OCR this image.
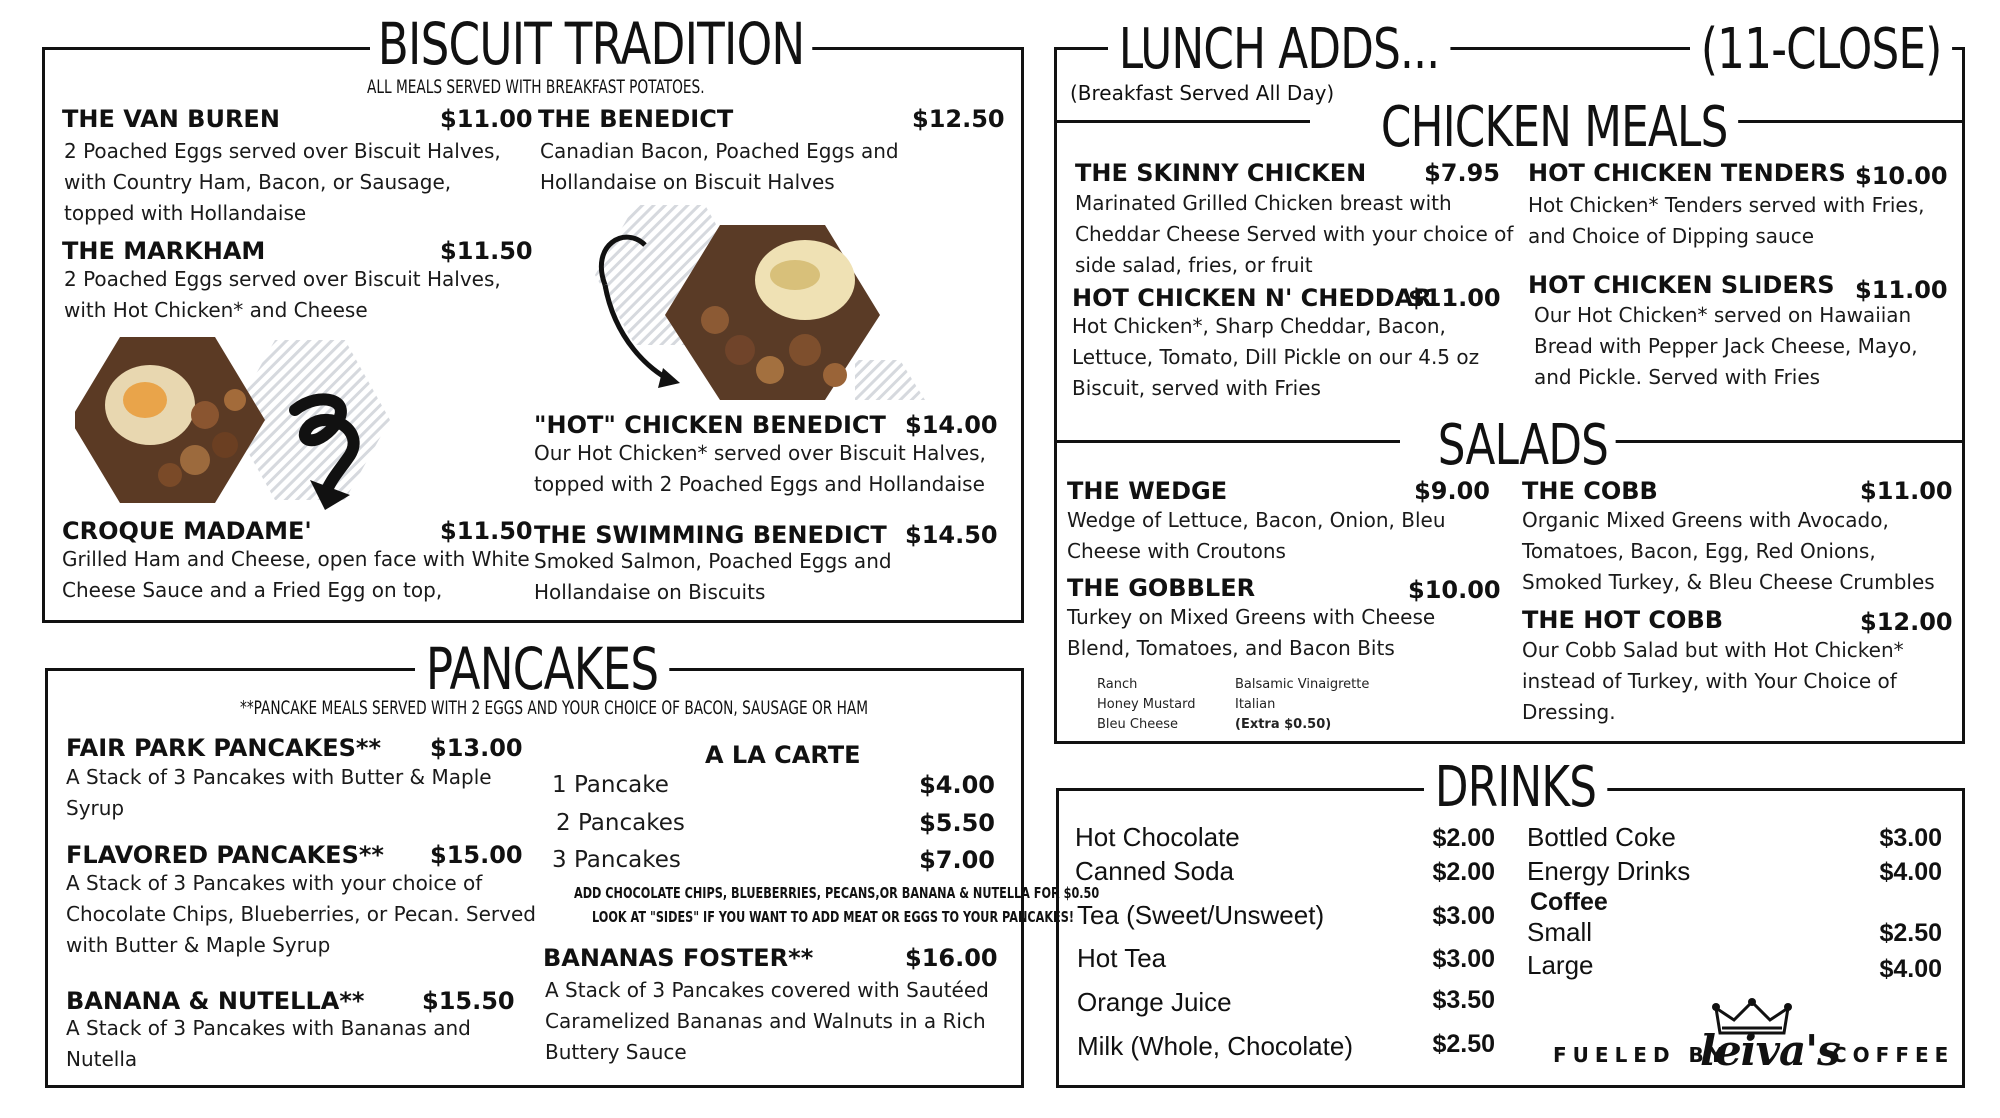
BISCUIT TRADITION
ALL MEALS SERVED WITH BREAKFAST POTATOES.
THE VAN BUREN	$11.00
2 Poached Eggs served over Biscuit Halves, with Country Ham, Bacon, or Sausage, topped with Hollandaise
THE MARKHAM	$11.50
2 Poached Eggs served over Biscuit Halves, with Hot Chicken* and Cheese
CROQUE MADAME'	$11.50
Grilled Ham and Cheese, open face with White Cheese Sauce and a Fried Egg on top,
THE BENEDICT	$12.50
Canadian Bacon, Poached Eggs and Hollandaise on Biscuit Halves
"HOT" CHICKEN BENEDICT $14.00
Our Hot Chicken* served over Biscuit Halves, topped with 2 Poached Eggs and Hollandaise
THE SWIMMING BENEDICT $14.50
Smoked Salmon, Poached Eggs and Hollandaise on Biscuits
PANCAKES
**PANCAKE MEALS SERVED WITH 2 EGGS AND YOUR CHOICE OF BACON, SAUSAGE OR HAM
FAIR PARK PANCAKES** $13.00
A Stack of 3 Pancakes with Butter & Maple Syrup
FLAVORED PANCAKES** $15.00
A Stack of 3 Pancakes with your choice of Chocolate Chips, Blueberries, or Pecan. Served with Butter & Maple Syrup
BANANA & NUTELLA** $15.50
A Stack of 3 Pancakes with Bananas and Nutella
A LA CARTE
1 Pancake	$4.00
2 Pancakes	$5.50
3 Pancakes	$7.00
ADD CHOCOLATE CHIPS, BLUEBERRIES, PECANS,OR BANANA & NUTELLA FOR $0.50
LOOK AT "SIDES" IF YOU WANT TO ADD MEAT OR EGGS TO YOUR PANCAKES!
BANANAS FOSTER**	$16.00
A Stack of 3 Pancakes covered with Sautéed Caramelized Bananas and Walnuts in a Rich Buttery Sauce
LUNCH ADDS...	(11-CLOSE)
(Breakfast Served All Day)
CHICKEN MEALS
THE SKINNY CHICKEN	$7.95
Marinated Grilled Chicken breast with Cheddar Cheese Served with your choice of side salad, fries, or fruit
HOT CHICKEN N' CHEDDAR
$11.00
Hot Chicken*, Sharp Cheddar, Bacon, Lettuce, Tomato, Dill Pickle on our 4.5 oz Biscuit, served with Fries
HOT CHICKEN TENDERS $10.00
Hot Chicken* Tenders served with Fries, and Choice of Dipping sauce
HOT CHICKEN SLIDERS $11.00
Our Hot Chicken* served on Hawaiian Bread with Pepper Jack Cheese, Mayo, and Pickle. Served with Fries
SALADS
THE WEDGE	$9.00
Wedge of Lettuce, Bacon, Onion, Bleu Cheese with Croutons
THE GOBBLER	$10.00
Turkey on Mixed Greens with Cheese Blend, Tomatoes, and Bacon Bits
Ranch
Honey Mustard
Bleu Cheese
Balsamic Vinaigrette
Italian
(Extra $0.50)
THE COBB	$11.00
Organic Mixed Greens with Avocado, Tomatoes, Bacon, Egg, Red Onions, Smoked Turkey, & Bleu Cheese Crumbles
THE HOT COBB	$12.00
Our Cobb Salad but with Hot Chicken* instead of Turkey, with Your Choice of Dressing.
DRINKS
Hot Chocolate	$2.00
Canned Soda	$2.00
Tea (Sweet/Unsweet)	$3.00
Hot Tea	$3.00
Orange Juice	$3.50
Milk (Whole, Chocolate)	$2.50
Bottled Coke	$3.00
Energy Drinks	$4.00
Coffee
Small	$2.50
Large	$4.00
FUELED BY
leiva's
COFFEE
